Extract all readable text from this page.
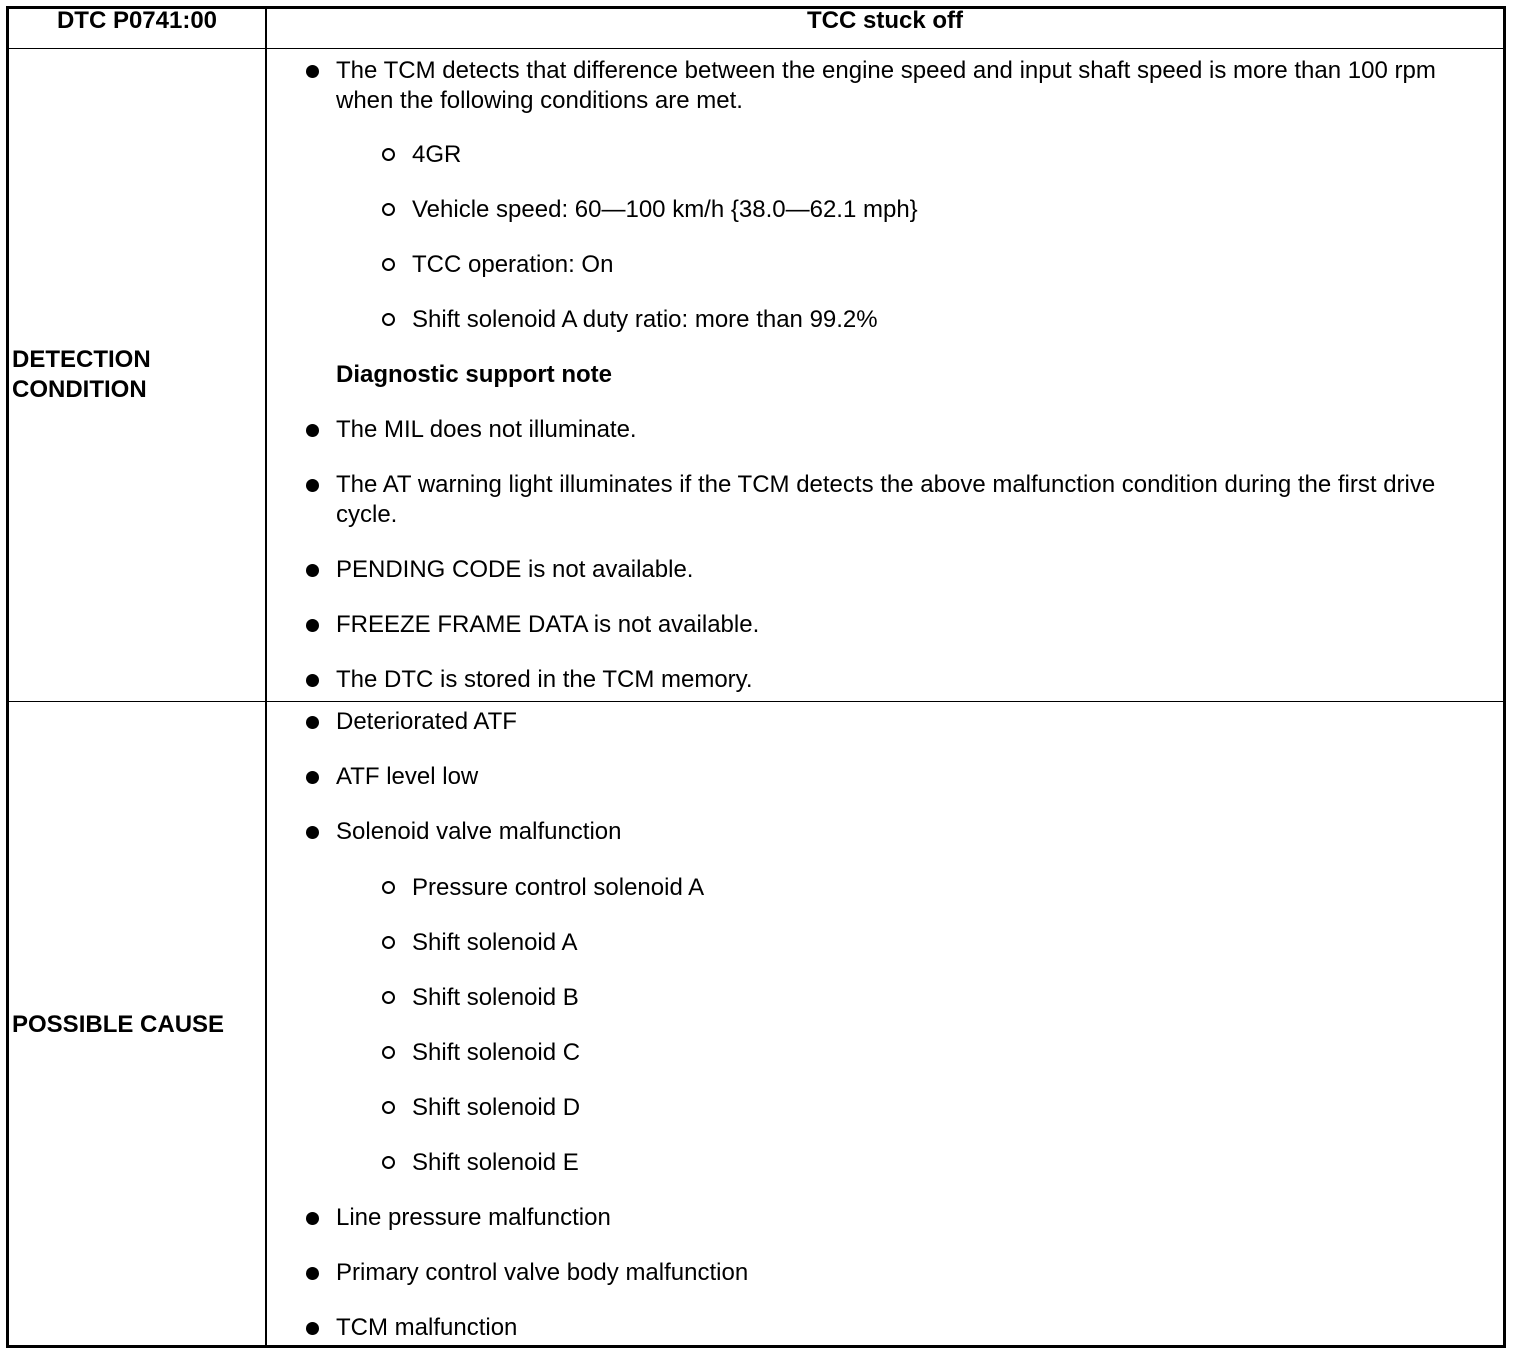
DTC P0741:00	TCC stuck off
DETECTION CONDITION
The TCM detects that difference between the engine speed and input shaft speed is more than 100 rpm when the following conditions are met.
4GR
Vehicle speed: 60—100 km/h {38.0—62.1 mph}
TCC operation: On
Shift solenoid A duty ratio: more than 99.2%
Diagnostic support note
The MIL does not illuminate.
The AT warning light illuminates if the TCM detects the above malfunction condition during the first drive cycle.
PENDING CODE is not available.
FREEZE FRAME DATA is not available.
The DTC is stored in the TCM memory.
POSSIBLE CAUSE
Deteriorated ATF
ATF level low
Solenoid valve malfunction
Pressure control solenoid A
Shift solenoid A
Shift solenoid B
Shift solenoid C
Shift solenoid D
Shift solenoid E
Line pressure malfunction
Primary control valve body malfunction
TCM malfunction
